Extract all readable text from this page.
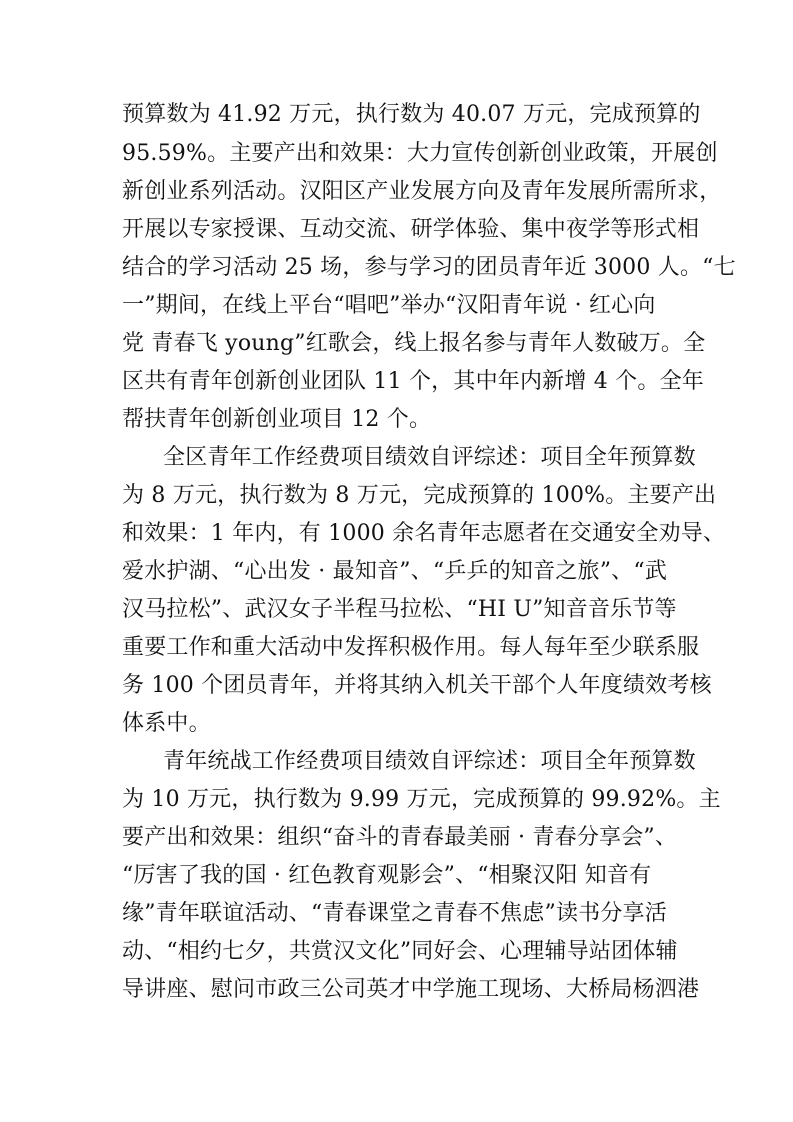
预算数为 41.92 万元，执行数为 40.07 万元，完成预算的
95.59%。主要产出和效果：大力宣传创新创业政策，开展创
新创业系列活动。汉阳区产业发展方向及青年发展所需所求，
开展以专家授课、互动交流、研学体验、集中夜学等形式相
结合的学习活动 25 场，参与学习的团员青年近 3000 人。“七
一”期间，在线上平台“唱吧”举办“汉阳青年说 · 红心向
党 青春飞 young”红歌会，线上报名参与青年人数破万。全
区共有青年创新创业团队 11 个，其中年内新增 4 个。全年
帮扶青年创新创业项目 12 个。
全区青年工作经费项目绩效自评综述：项目全年预算数
为 8 万元，执行数为 8 万元，完成预算的 100%。主要产出
和效果：1 年内，有 1000 余名青年志愿者在交通安全劝导、
爱水护湖、“心出发 · 最知音”、“乒乒的知音之旅”、“武
汉马拉松”、武汉女子半程马拉松、“HI U”知音音乐节等
重要工作和重大活动中发挥积极作用。每人每年至少联系服
务 100 个团员青年，并将其纳入机关干部个人年度绩效考核
体系中。
青年统战工作经费项目绩效自评综述：项目全年预算数
为 10 万元，执行数为 9.99 万元，完成预算的 99.92%。主
要产出和效果：组织“奋斗的青春最美丽 · 青春分享会”、
“厉害了我的国 · 红色教育观影会”、“相聚汉阳 知音有
缘”青年联谊活动、“青春课堂之青春不焦虑”读书分享活
动、“相约七夕，共赏汉文化”同好会、心理辅导站团体辅
导讲座、慰问市政三公司英才中学施工现场、大桥局杨泗港
